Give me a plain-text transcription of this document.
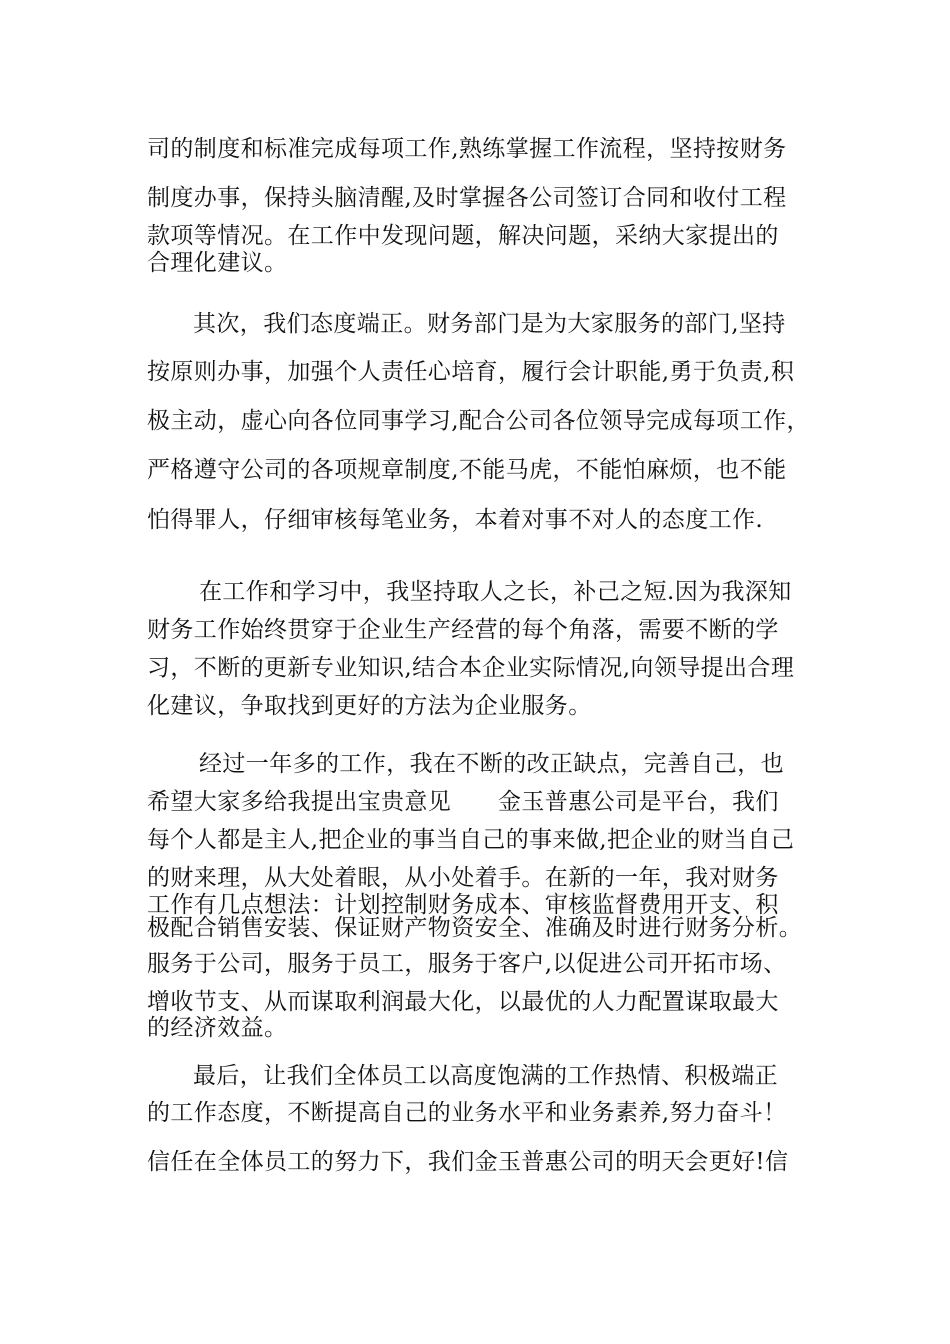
司的制度和标准完成每项工作,熟练掌握工作流程，坚持按财务
制度办事，保持头脑清醒,及时掌握各公司签订合同和收付工程
款项等情况。在工作中发现问题，解决问题，采纳大家提出的
合理化建议。
其次，我们态度端正。财务部门是为大家服务的部门,坚持
按原则办事，加强个人责任心培育，履行会计职能,勇于负责,积
极主动，虚心向各位同事学习,配合公司各位领导完成每项工作，
严格遵守公司的各项规章制度,不能马虎，不能怕麻烦，也不能
怕得罪人，仔细审核每笔业务，本着对事不对人的态度工作.
在工作和学习中，我坚持取人之长，补己之短.因为我深知
财务工作始终贯穿于企业生产经营的每个角落，需要不断的学
习，不断的更新专业知识,结合本企业实际情况,向领导提出合理
化建议，争取找到更好的方法为企业服务。
经过一年多的工作，我在不断的改正缺点，完善自己，也
希望大家多给我提出宝贵意见　　金玉普惠公司是平台，我们
每个人都是主人,把企业的事当自己的事来做,把企业的财当自己
的财来理，从大处着眼，从小处着手。在新的一年，我对财务
工作有几点想法：计划控制财务成本、审核监督费用开支、积
极配合销售安装、保证财产物资安全、准确及时进行财务分析。
服务于公司，服务于员工，服务于客户,以促进公司开拓市场、
增收节支、从而谋取利润最大化，以最优的人力配置谋取最大
的经济效益。
最后，让我们全体员工以高度饱满的工作热情、积极端正
的工作态度，不断提高自己的业务水平和业务素养,努力奋斗！
信任在全体员工的努力下，我们金玉普惠公司的明天会更好!信
